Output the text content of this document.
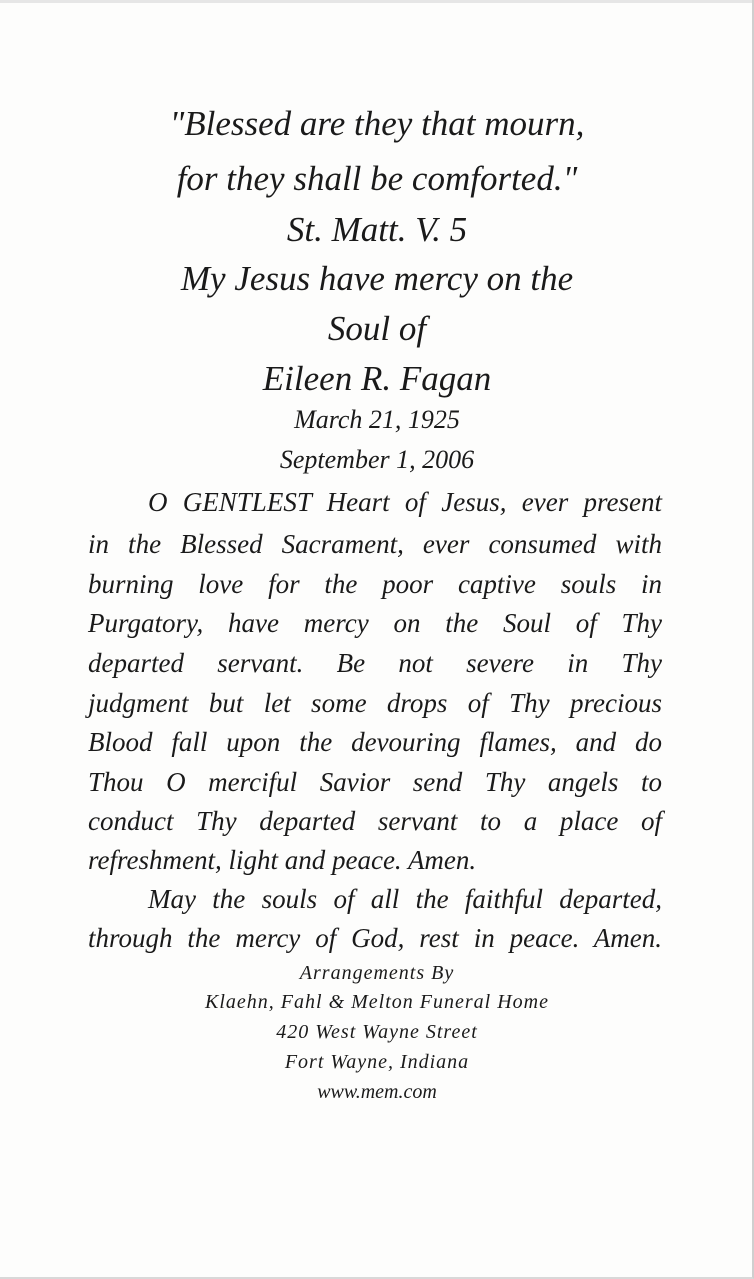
"Blessed are they that mourn,
for they shall be comforted."
St. Matt. V. 5
My Jesus have mercy on the
Soul of
Eileen R. Fagan
March 21, 1925
September 1, 2006
O GENTLEST Heart of Jesus, ever present
in the Blessed Sacrament, ever consumed with
burning love for the poor captive souls in
Purgatory, have mercy on the Soul of Thy
departed servant. Be not severe in Thy
judgment but let some drops of Thy precious
Blood fall upon the devouring flames, and do
Thou O merciful Savior send Thy angels to
conduct Thy departed servant to a place of
refreshment, light and peace. Amen.
May the souls of all the faithful departed,
through the mercy of God, rest in peace. Amen.
Arrangements By
Klaehn, Fahl & Melton Funeral Home
420 West Wayne Street
Fort Wayne, Indiana
www.mem.com
